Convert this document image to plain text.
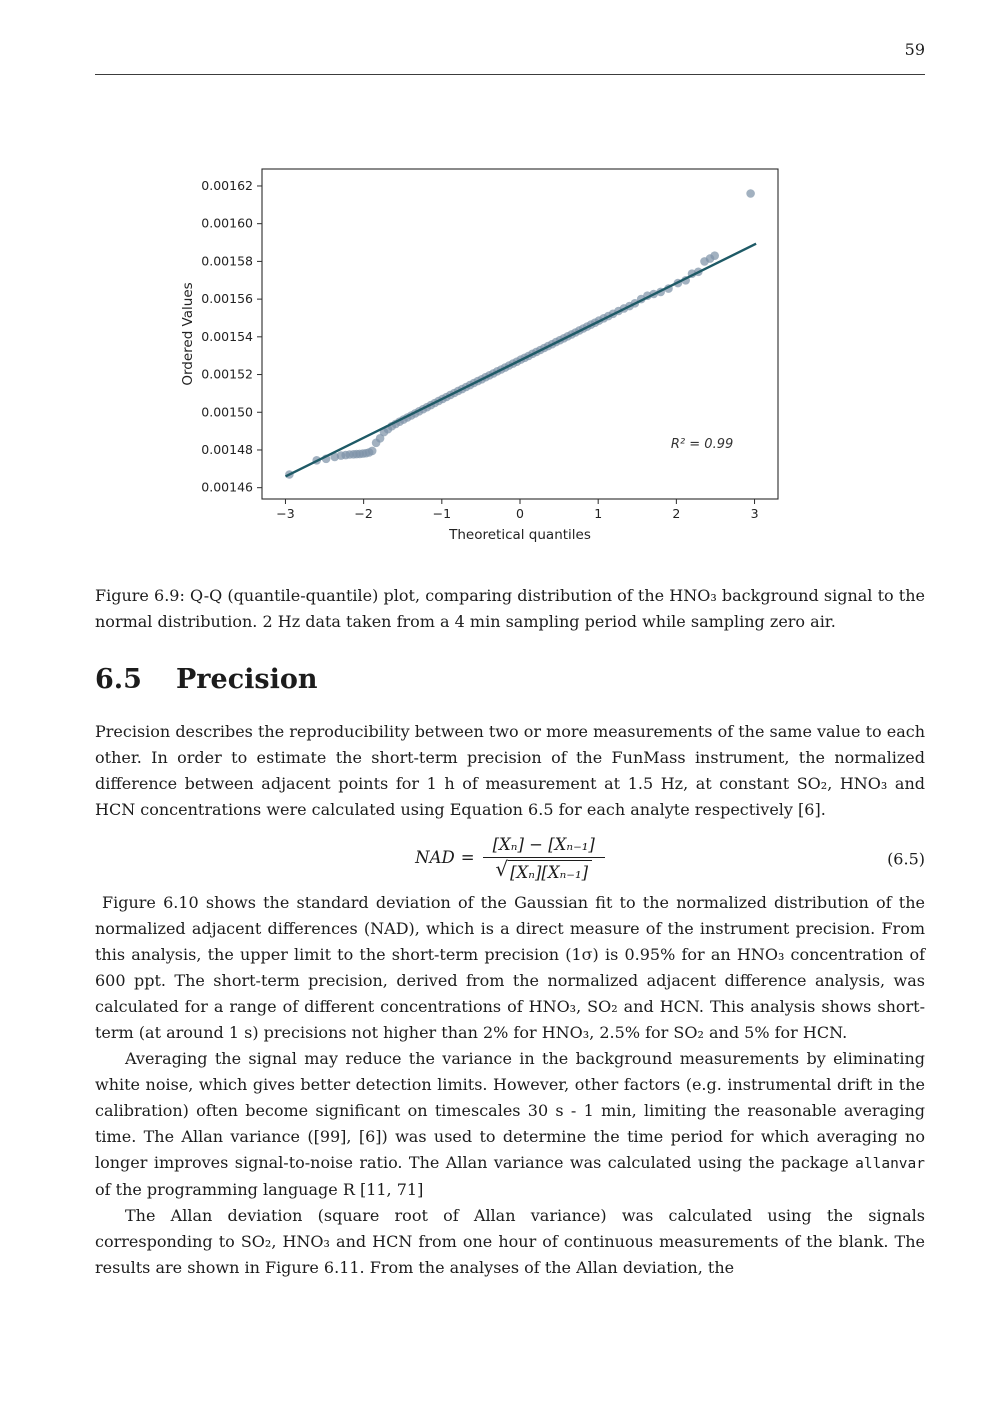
59
−3	−2	−1	0	1	2	3
0.00146
0.00148
0.00150
0.00152
0.00154
0.00156
0.00158
0.00160
0.00162
Theoretical quantiles
Ordered Values
R² = 0.99
Figure 6.9: Q-Q (quantile-quantile) plot, comparing distribution of the HNO₃ background signal to the normal distribution. 2 Hz data taken from a 4 min sampling period while sampling zero air.
6.5 Precision

Precision describes the reproducibility between two or more measurements of the same value to each other. In order to estimate the short-term precision of the FunMass instrument, the normalized difference between adjacent points for 1 h of measurement at 1.5 Hz, at constant SO₂, HNO₃ and HCN concentrations were calculated using Equation 6.5 for each analyte respectively [6].

NAD = $\frac{\text{[Xₙ] − [Xₙ₋₁]}}{\text{√ [Xₙ][Xₙ₋₁]}}$	(6.5)

Figure 6.10 shows the standard deviation of the Gaussian fit to the normalized distribution of the normalized adjacent differences (NAD), which is a direct measure of the instrument precision. From this analysis, the upper limit to the short-term precision (1σ) is 0.95% for an HNO₃ concentration of 600 ppt. The short-term precision, derived from the normalized adjacent difference analysis, was calculated for a range of different concentrations of HNO₃, SO₂ and HCN. This analysis shows short-term (at around 1 s) precisions not higher than 2% for HNO₃, 2.5% for SO₂ and 5% for HCN.

Averaging the signal may reduce the variance in the background measurements by eliminating white noise, which gives better detection limits. However, other factors (e.g. instrumental drift in the calibration) often become significant on timescales 30 s - 1 min, limiting the reasonable averaging time. The Allan variance ([99], [6]) was used to determine the time period for which averaging no longer improves signal-to-noise ratio. The Allan variance was calculated using the package allanvar of the programming language R [11, 71]

The Allan deviation (square root of Allan variance) was calculated using the signals corresponding to SO₂, HNO₃ and HCN from one hour of continuous measurements of the blank. The results are shown in Figure 6.11. From the analyses of the Allan deviation, the
